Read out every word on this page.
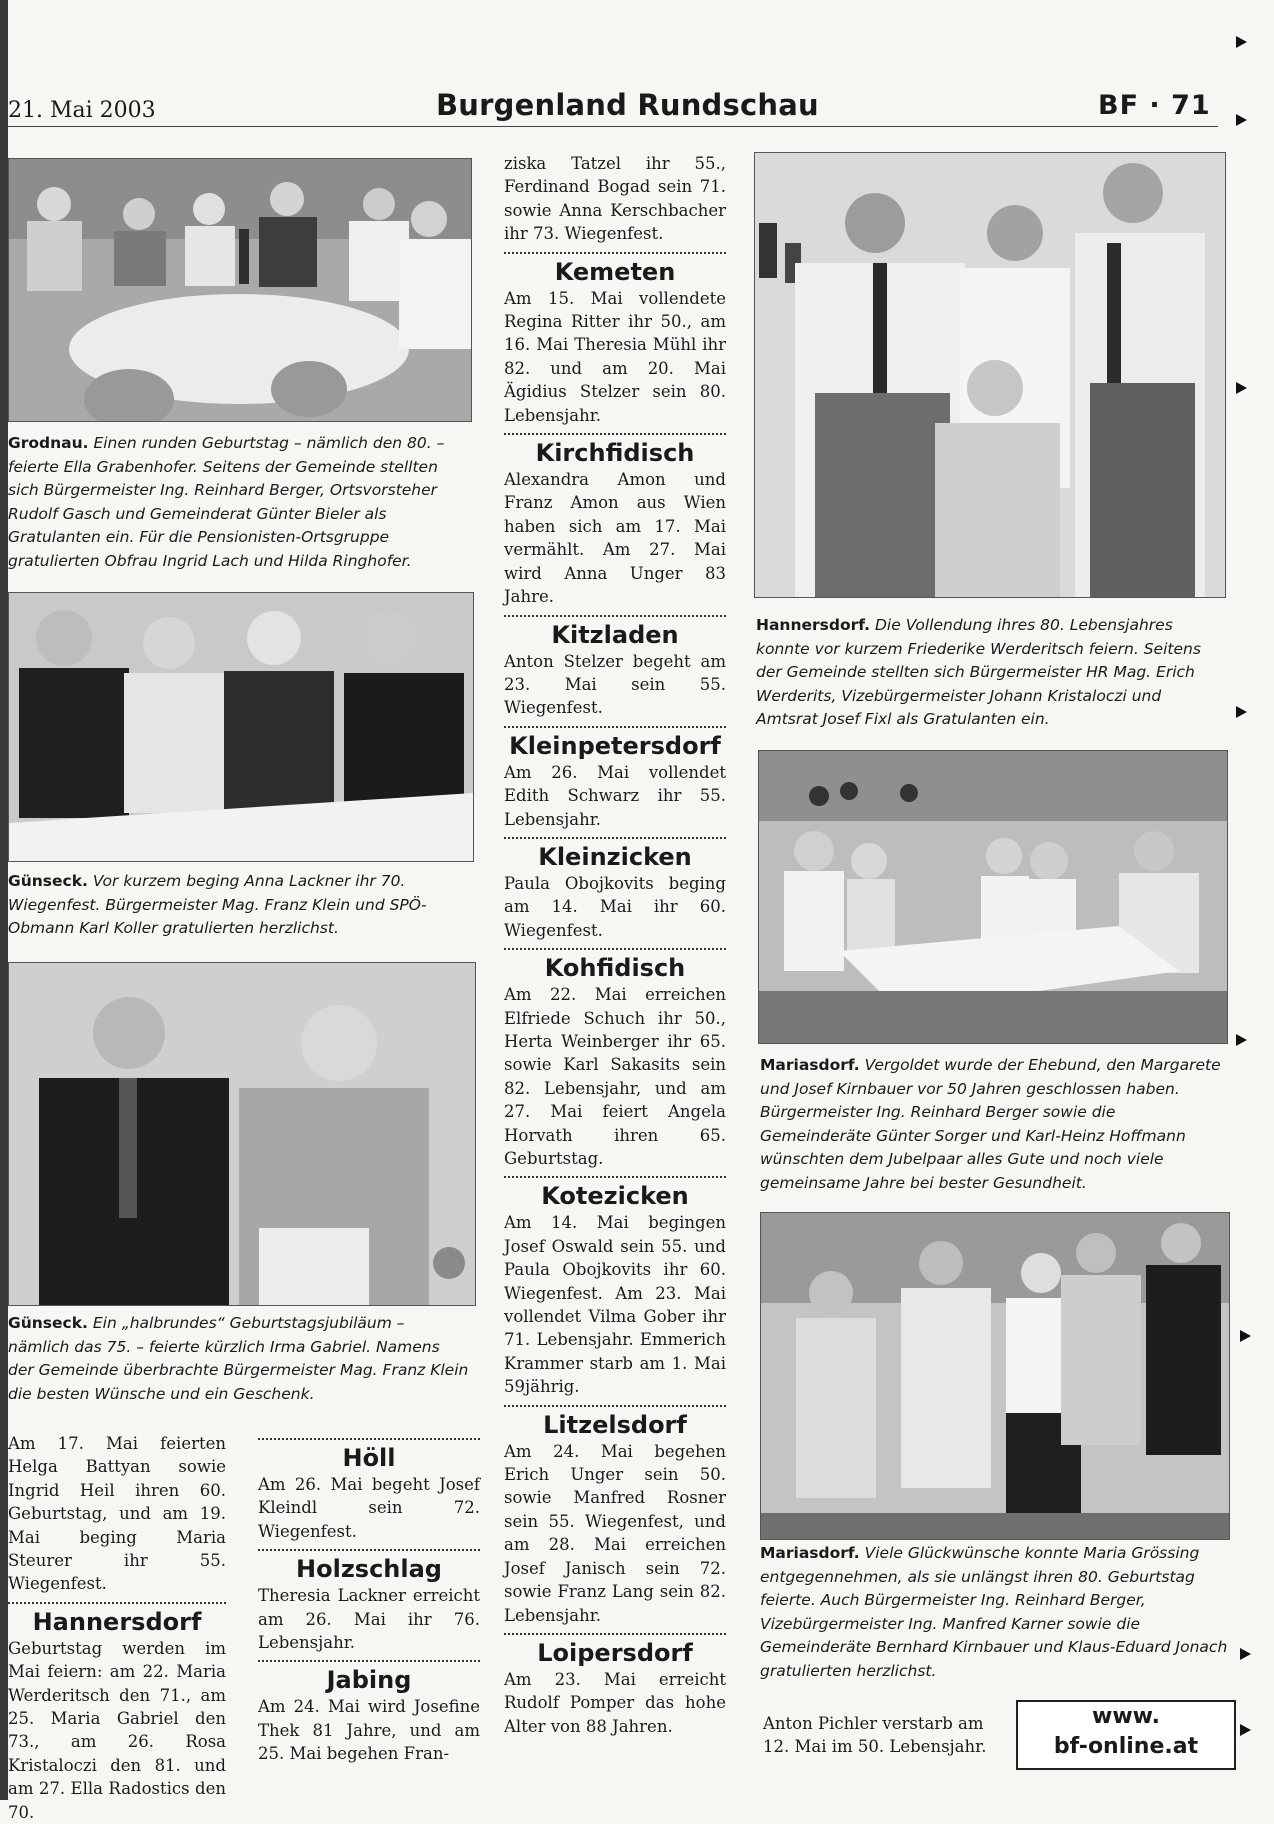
21. Mai 2003	Burgenland Rundschau	BF · 71
Grodnau. Einen runden Geburtstag – nämlich den 80. – feierte Ella Grabenhofer. Seitens der Gemeinde stellten sich Bürgermeister Ing. Reinhard Berger, Ortsvorsteher Rudolf Gasch und Gemeinderat Günter Bieler als Gratulanten ein. Für die Pensionisten-Ortsgruppe gratulierten Obfrau Ingrid Lach und Hilda Ringhofer.
Günseck. Vor kurzem beging Anna Lackner ihr 70. Wiegenfest. Bürgermeister Mag. Franz Klein und SPÖ-Obmann Karl Koller gratulierten herzlichst.
Günseck. Ein „halbrundes“ Geburtstagsjubiläum – nämlich das 75. – feierte kürzlich Irma Gabriel. Namens der Gemeinde überbrachte Bürgermeister Mag. Franz Klein die besten Wünsche und ein Geschenk.

Am 17. Mai feierten Helga Battyan sowie Ingrid Heil ihren 60. Geburtstag, und am 19. Mai beging Maria Steurer ihr 55. Wiegenfest.

Hannersdorf

Geburtstag werden im Mai feiern: am 22. Maria Werderitsch den 71., am 25. Maria Gabriel den 73., am 26. Rosa Kristaloczi den 81. und am 27. Ella Radostics den 70.

Höll

Am 26. Mai begeht Josef Kleindl sein 72. Wiegenfest.

Holzschlag

Theresia Lackner erreicht am 26. Mai ihr 76. Lebensjahr.

Jabing

Am 24. Mai wird Josefine Thek 81 Jahre, und am 25. Mai begehen Fran-

ziska Tatzel ihr 55., Ferdinand Bogad sein 71. sowie Anna Kerschbacher ihr 73. Wiegenfest.

Kemeten

Am 15. Mai vollendete Regina Ritter ihr 50., am 16. Mai Theresia Mühl ihr 82. und am 20. Mai Ägidius Stelzer sein 80. Lebensjahr.

Kirchfidisch

Alexandra Amon und Franz Amon aus Wien haben sich am 17. Mai vermählt. Am 27. Mai wird Anna Unger 83 Jahre.

Kitzladen

Anton Stelzer begeht am 23. Mai sein 55. Wiegenfest.

Kleinpetersdorf

Am 26. Mai vollendet Edith Schwarz ihr 55. Lebensjahr.

Kleinzicken

Paula Obojkovits beging am 14. Mai ihr 60. Wiegenfest.

Kohfidisch

Am 22. Mai erreichen Elfriede Schuch ihr 50., Herta Weinberger ihr 65. sowie Karl Sakasits sein 82. Lebensjahr, und am 27. Mai feiert Angela Horvath ihren 65. Geburtstag.

Kotezicken

Am 14. Mai begingen Josef Oswald sein 55. und Paula Obojkovits ihr 60. Wiegenfest. Am 23. Mai vollendet Vilma Gober ihr 71. Lebensjahr. Emmerich Krammer starb am 1. Mai 59jährig.

Litzelsdorf

Am 24. Mai begehen Erich Unger sein 50. sowie Manfred Rosner sein 55. Wiegenfest, und am 28. Mai erreichen Josef Janisch sein 72. sowie Franz Lang sein 82. Lebensjahr.

Loipersdorf

Am 23. Mai erreicht Rudolf Pomper das hohe Alter von 88 Jahren.

Hannersdorf. Die Vollendung ihres 80. Lebensjahres konnte vor kurzem Friederike Werderitsch feiern. Seitens der Gemeinde stellten sich Bürgermeister HR Mag. Erich Werderits, Vizebürgermeister Johann Kristaloczi und Amtsrat Josef Fixl als Gratulanten ein.
Mariasdorf. Vergoldet wurde der Ehebund, den Margarete und Josef Kirnbauer vor 50 Jahren geschlossen haben. Bürgermeister Ing. Reinhard Berger sowie die Gemeinderäte Günter Sorger und Karl-Heinz Hoffmann wünschten dem Jubelpaar alles Gute und noch viele gemeinsame Jahre bei bester Gesundheit.
Mariasdorf. Viele Glückwünsche konnte Maria Grössing entgegennehmen, als sie unlängst ihren 80. Geburtstag feierte. Auch Bürgermeister Ing. Reinhard Berger, Vizebürgermeister Ing. Manfred Karner sowie die Gemeinderäte Bernhard Kirnbauer und Klaus-Eduard Jonach gratulierten herzlichst.
Anton Pichler verstarb am 12. Mai im 50. Lebensjahr.
www.
bf-online.at
